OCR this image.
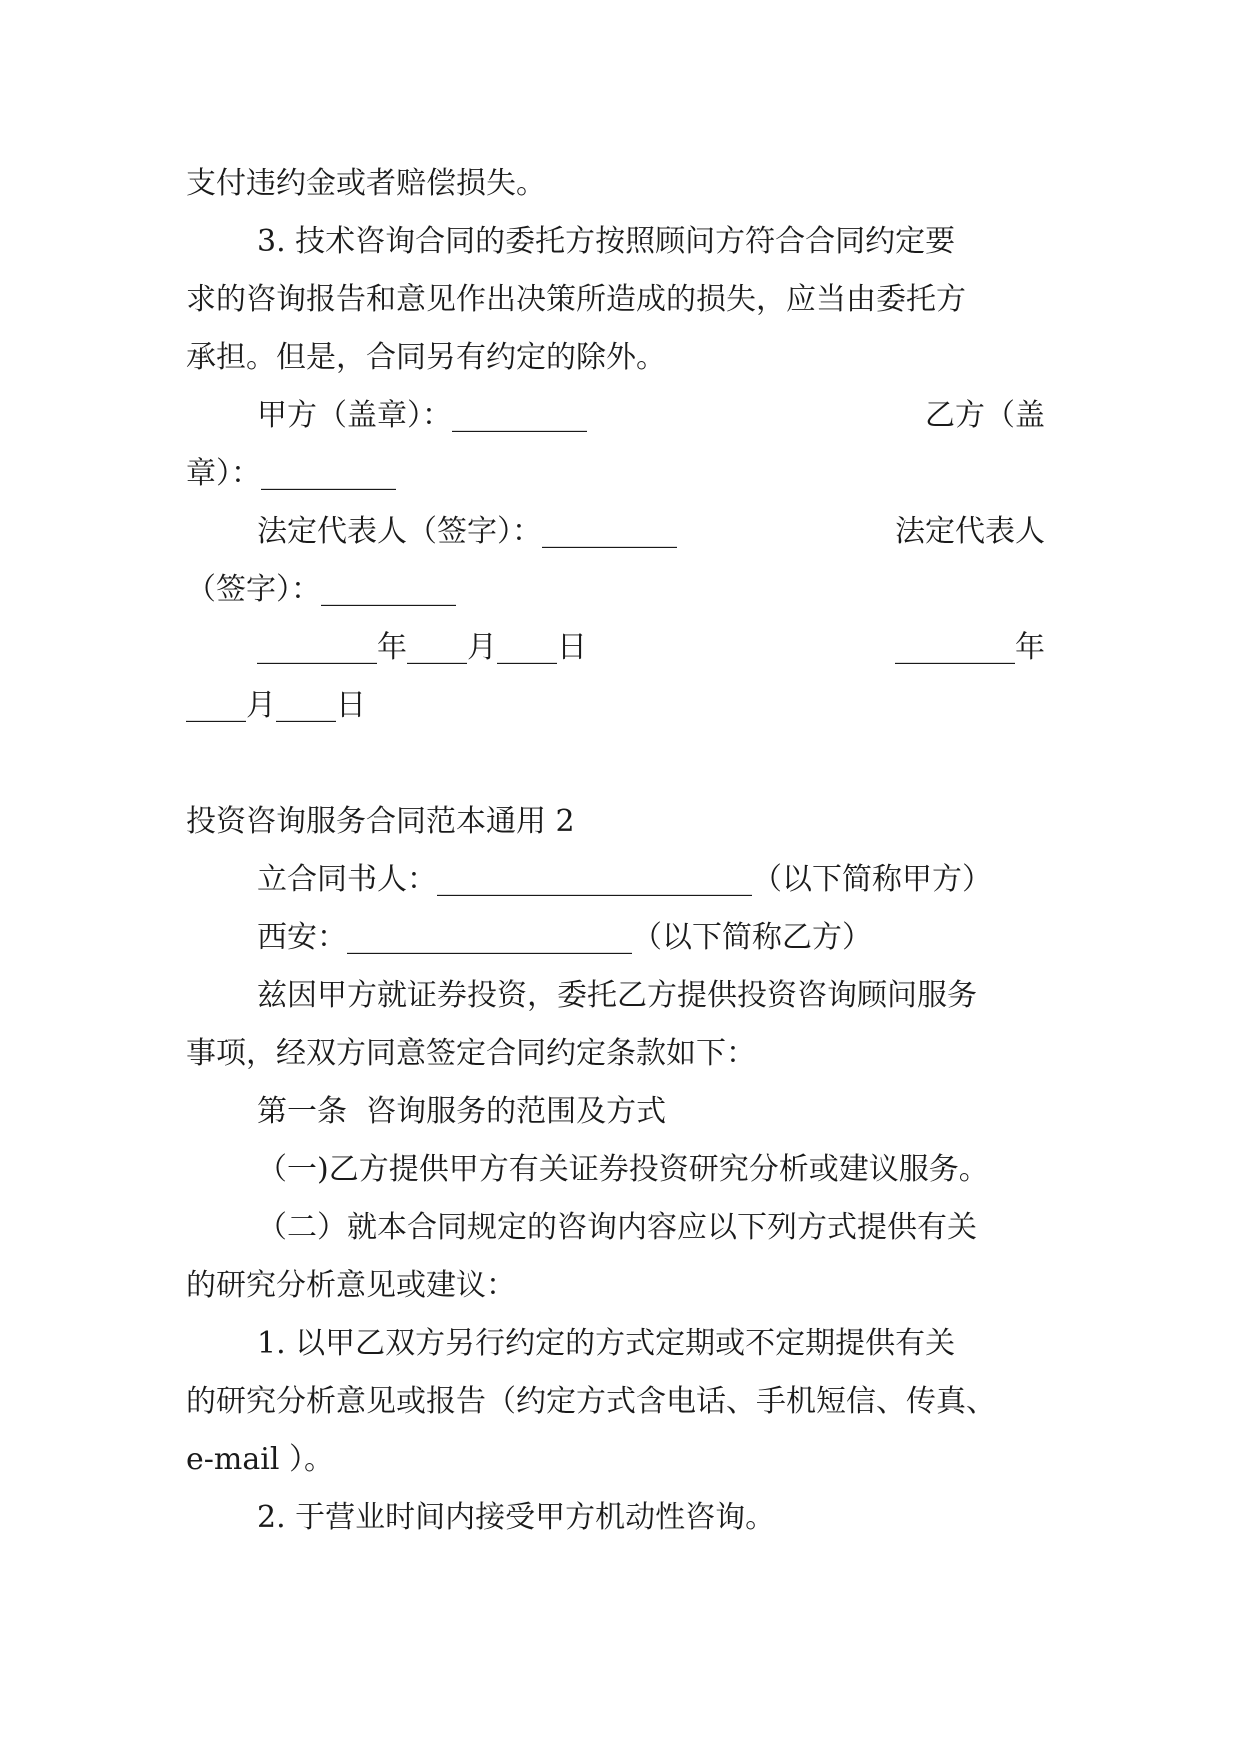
支付违约金或者赔偿损失。
3. 技术咨询合同的委托方按照顾问方符合合同约定要
求的咨询报告和意见作出决策所造成的损失，应当由委托方
承担。但是，合同另有约定的除外。
甲方（盖章）：_________	乙方（盖
章）：_________
法定代表人（签字）：_________	法定代表人
（签字）：_________
________年____月____日	________年
____月____日
投资咨询服务合同范本通用 2
立合同书人：_____________________（以下简称甲方）
西安：___________________（以下简称乙方）
兹因甲方就证券投资，委托乙方提供投资咨询顾问服务
事项，经双方同意签定合同约定条款如下：
第一条  咨询服务的范围及方式
（一)乙方提供甲方有关证券投资研究分析或建议服务。
（二）就本合同规定的咨询内容应以下列方式提供有关
的研究分析意见或建议：
1. 以甲乙双方另行约定的方式定期或不定期提供有关
的研究分析意见或报告（约定方式含电话、手机短信、传真、
e-mail ）。
2. 于营业时间内接受甲方机动性咨询。
